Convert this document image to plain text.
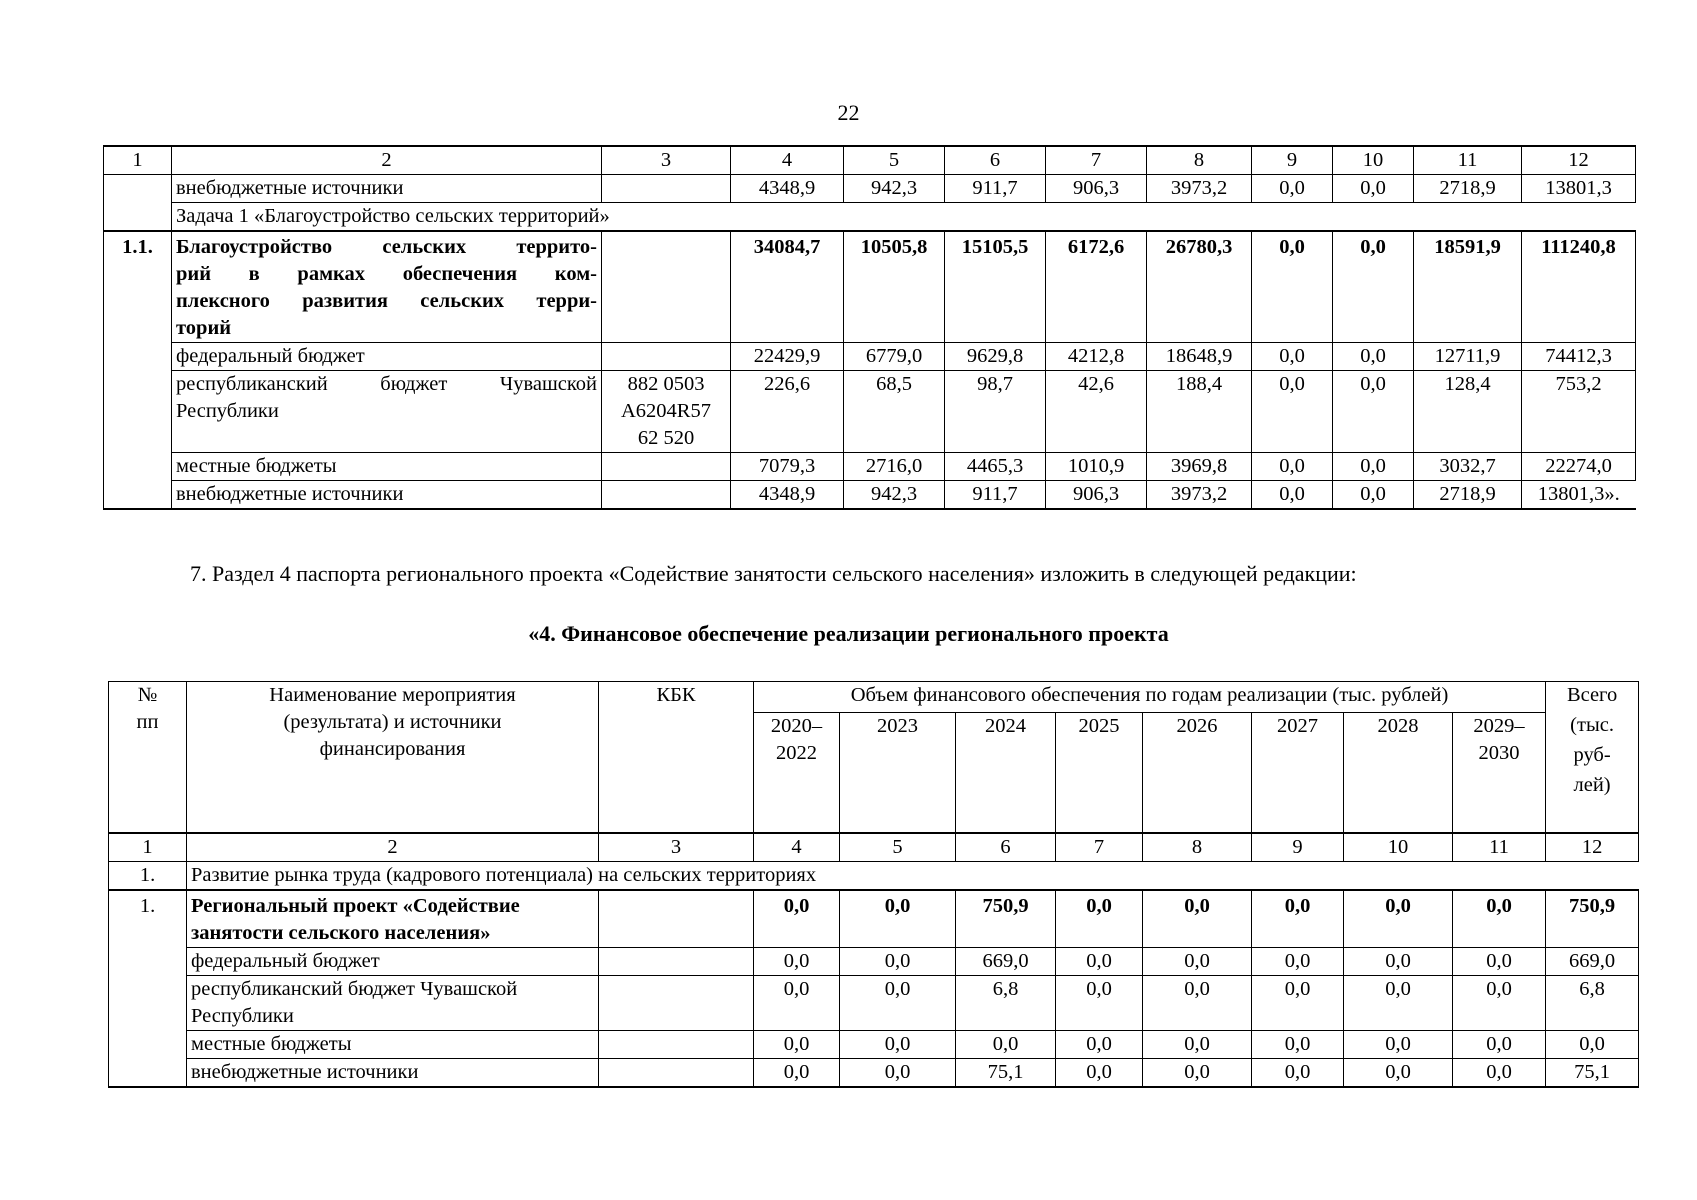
22
1	2	3	4	5	6	7	8	9	10	11	12
	внебюджетные источники		4348,9	942,3	911,7	906,3	3973,2	0,0	0,0	2718,9	13801,3
	Задача 1 «Благоустройство сельских территорий»										
1.1.	Благоустройство сельских террито-
рий в рамках обеспечения ком-
плексного развития сельских терри-
торий		34084,7	10505,8	15105,5	6172,6	26780,3	0,0	0,0	18591,9	111240,8
	федеральный бюджет		22429,9	6779,0	9629,8	4212,8	18648,9	0,0	0,0	12711,9	74412,3

	республиканский бюджет Чувашской
Республики	882 0503
A6204R57
62 520	226,6	68,5	98,7	42,6	188,4	0,0	0,0	128,4	753,2
	местные бюджеты		7079,3	2716,0	4465,3	1010,9	3969,8	0,0	0,0	3032,7	22274,0
	внебюджетные источники		4348,9	942,3	911,7	906,3	3973,2	0,0	0,0	2718,9	13801,3».
7. Раздел 4 паспорта регионального проекта «Содействие занятости сельского населения» изложить в следующей редакции:
«4. Финансовое обеспечение реализации регионального проекта
№
пп	Наименование мероприятия
(результата) и источники
финансирования	КБК	Объем финансового обеспечения по годам реализации (тыс. рублей)								Всего
(тыс.
руб-
лей)

			2020–
2022	2023	2024	2025	2026	2027	2028	2029–
2030	

1	2	3	4	5	6	7	8	9	10	11	12
1.	Развитие рынка труда (кадрового потенциала) на сельских территориях										
1.	Региональный проект «Содействие
занятости сельского населения»		0,0	0,0	750,9	0,0	0,0	0,0	0,0	0,0	750,9
	федеральный бюджет		0,0	0,0	669,0	0,0	0,0	0,0	0,0	0,0	669,0

	республиканский бюджет Чувашской
Республики		0,0	0,0	6,8	0,0	0,0	0,0	0,0	0,0	6,8
	местные бюджеты		0,0	0,0	0,0	0,0	0,0	0,0	0,0	0,0	0,0
	внебюджетные источники		0,0	0,0	75,1	0,0	0,0	0,0	0,0	0,0	75,1
